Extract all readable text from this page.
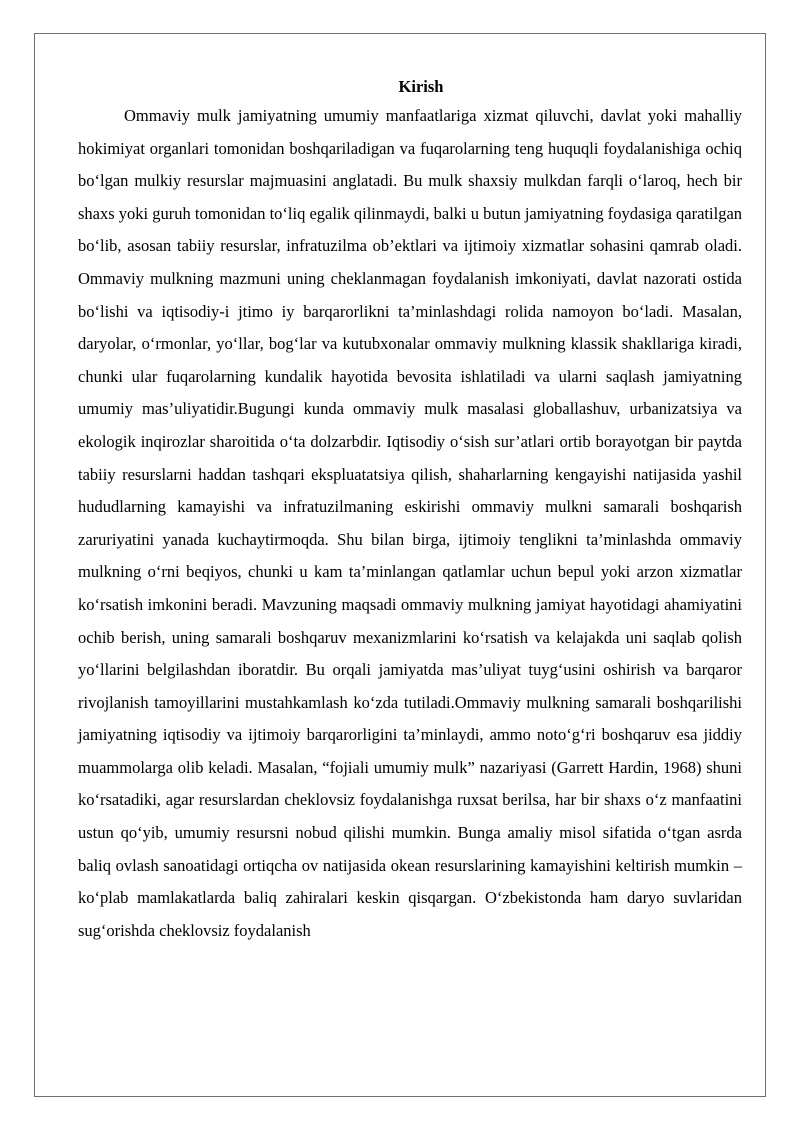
Kirish

Ommaviy mulk jamiyatning umumiy manfaatlariga xizmat qiluvchi, davlat yoki mahalliy hokimiyat organlari tomonidan boshqariladigan va fuqarolarning teng huquqli foydalanishiga ochiq bo‘lgan mulkiy resurslar majmuasini anglatadi. Bu mulk shaxsiy mulkdan farqli o‘laroq, hech bir shaxs yoki guruh tomonidan to‘liq egalik qilinmaydi, balki u butun jamiyatning foydasiga qaratilgan bo‘lib, asosan tabiiy resurslar, infratuzilma ob’ektlari va ijtimoiy xizmatlar sohasini qamrab oladi. Ommaviy mulkning mazmuni uning cheklanmagan foydalanish imkoniyati, davlat nazorati ostida bo‘lishi va iqtisodiy-i jtimo iy barqarorlikni ta’minlashdagi rolida namoyon bo‘ladi. Masalan, daryolar, o‘rmonlar, yo‘llar, bog‘lar va kutubxonalar ommaviy mulkning klassik shakllariga kiradi, chunki ular fuqarolarning kundalik hayotida bevosita ishlatiladi va ularni saqlash jamiyatning umumiy mas’uliyatidir.Bugungi kunda ommaviy mulk masalasi globallashuv, urbanizatsiya va ekologik inqirozlar sharoitida o‘ta dolzarbdir. Iqtisodiy o‘sish sur’atlari ortib borayotgan bir paytda tabiiy resurslarni haddan tashqari ekspluatatsiya qilish, shaharlarning kengayishi natijasida yashil hududlarning kamayishi va infratuzilmaning eskirishi ommaviy mulkni samarali boshqarish zaruriyatini yanada kuchaytirmoqda. Shu bilan birga, ijtimoiy tenglikni ta’minlashda ommaviy mulkning o‘rni beqiyos, chunki u kam ta’minlangan qatlamlar uchun bepul yoki arzon xizmatlar ko‘rsatish imkonini beradi. Mavzuning maqsadi ommaviy mulkning jamiyat hayotidagi ahamiyatini ochib berish, uning samarali boshqaruv mexanizmlarini ko‘rsatish va kelajakda uni saqlab qolish yo‘llarini belgilashdan iboratdir. Bu orqali jamiyatda mas’uliyat tuyg‘usini oshirish va barqaror rivojlanish tamoyillarini mustahkamlash ko‘zda tutiladi.Ommaviy mulkning samarali boshqarilishi jamiyatning iqtisodiy va ijtimoiy barqarorligini ta’minlaydi, ammo noto‘g‘ri boshqaruv esa jiddiy muammolarga olib keladi. Masalan, “fojiali umumiy mulk” nazariyasi (Garrett Hardin, 1968) shuni ko‘rsatadiki, agar resurslardan cheklovsiz foydalanishga ruxsat berilsa, har bir shaxs o‘z manfaatini ustun qo‘yib, umumiy resursni nobud qilishi mumkin. Bunga amaliy misol sifatida o‘tgan asrda baliq ovlash sanoatidagi ortiqcha ov natijasida okean resurslarining kamayishini keltirish mumkin – ko‘plab mamlakatlarda baliq zahiralari keskin qisqargan. O‘zbekistonda ham daryo suvlaridan sug‘orishda cheklovsiz foydalanish
